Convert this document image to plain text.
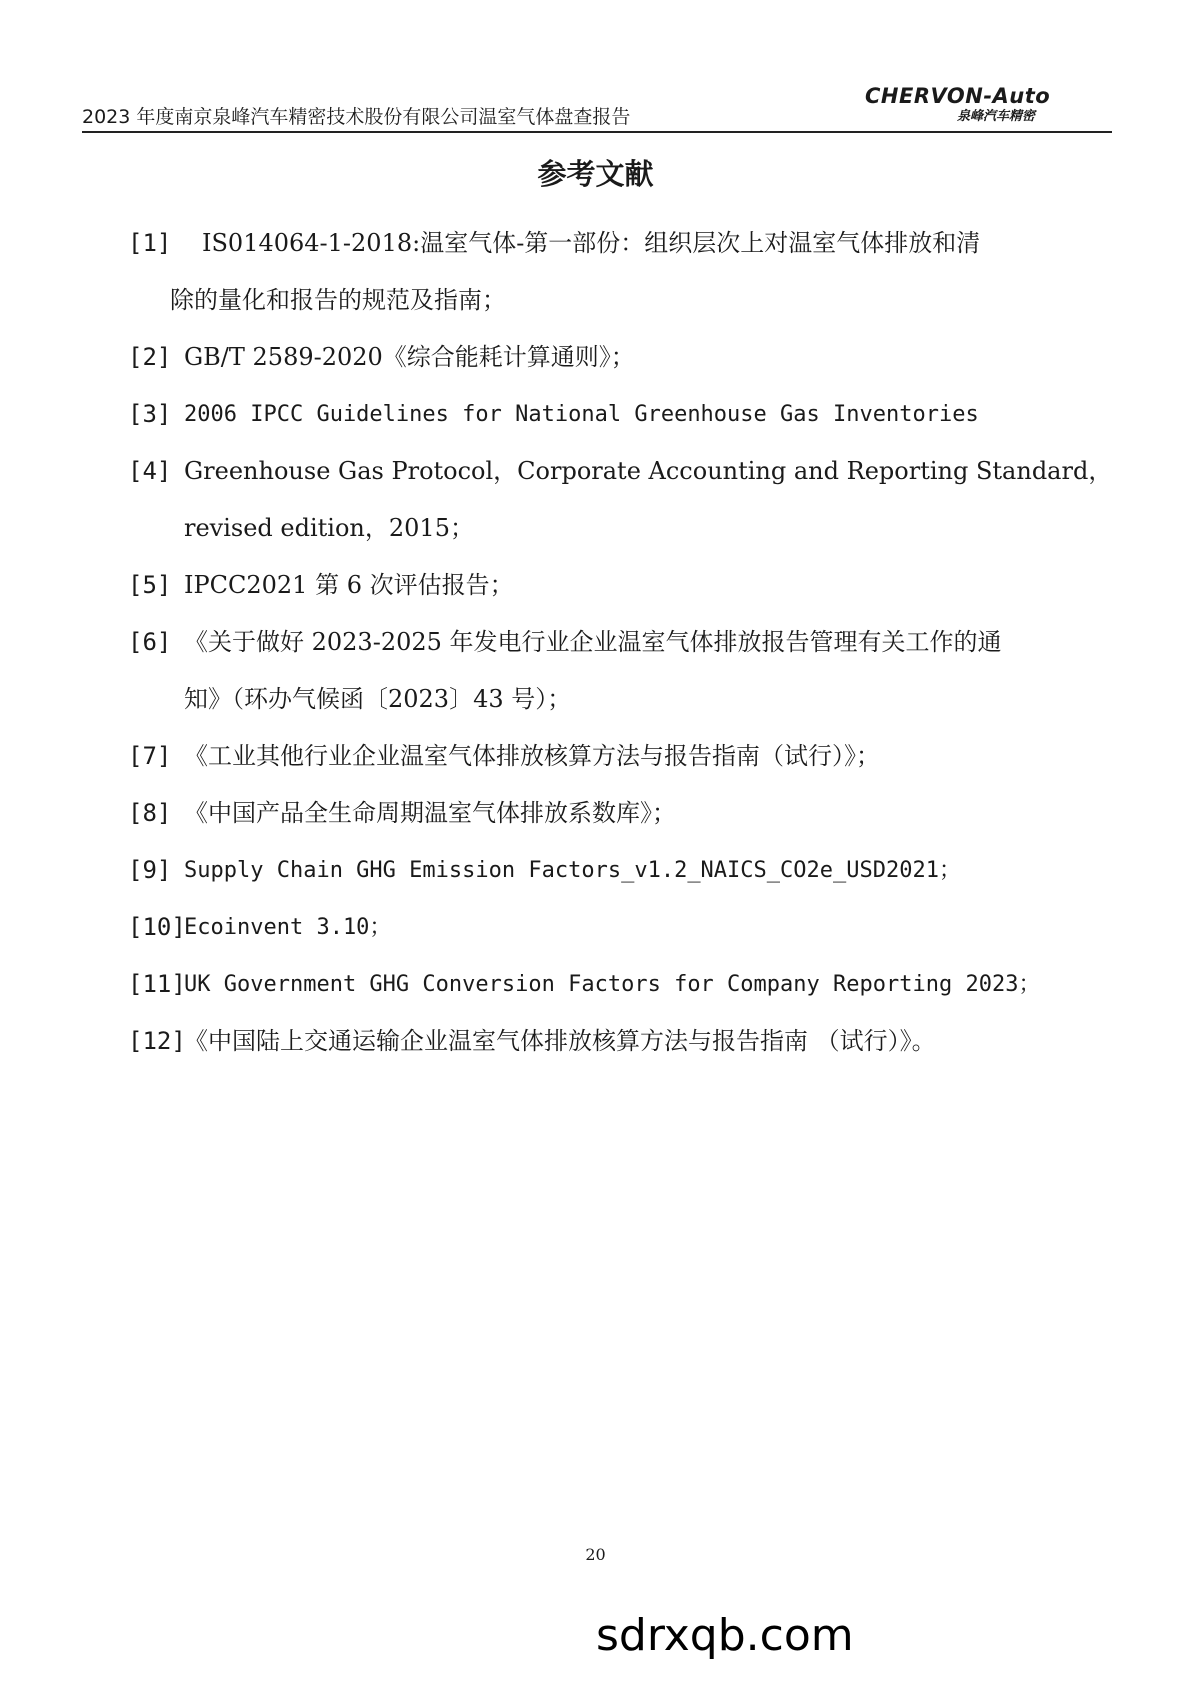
2023 年度南京泉峰汽车精密技术股份有限公司温室气体盘查报告
CHERVON-Auto
泉峰汽车精密
参考文献
[1] IS014064-1-2018:温室气体-第一部份：组织层次上对温室气体排放和清
除的量化和报告的规范及指南；
[2] GB/T 2589-2020《综合能耗计算通则》；
[3] 2006 IPCC Guidelines for National Greenhouse Gas Inventories
[4] Greenhouse Gas Protocol，Corporate Accounting and Reporting Standard，
revised edition，2015；
[5] IPCC2021 第 6 次评估报告；
[6] 《关于做好 2023-2025 年发电行业企业温室气体排放报告管理有关工作的通
知》（环办气候函〔2023〕43 号）；
[7] 《工业其他行业企业温室气体排放核算方法与报告指南（试行）》；
[8] 《中国产品全生命周期温室气体排放系数库》；
[9] Supply Chain GHG Emission Factors_v1.2_NAICS_CO2e_USD2021；
[10]
Ecoinvent 3.10；
[11]
UK Government GHG Conversion Factors for Company Reporting 2023；
[12]
《中国陆上交通运输企业温室气体排放核算方法与报告指南 （试行）》。
20
sdrxqb.com
